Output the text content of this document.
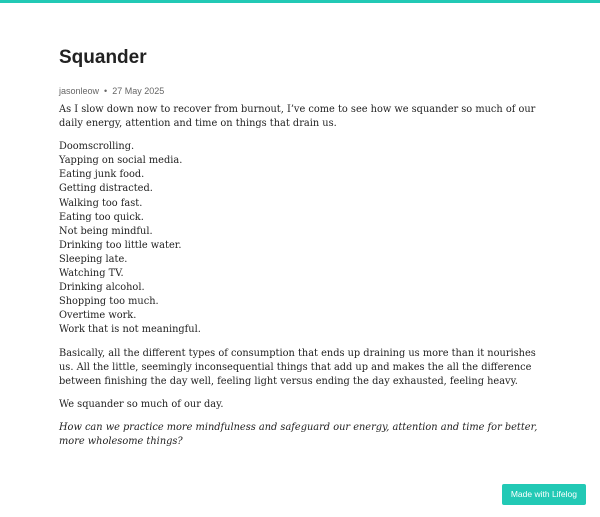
Squander
jasonleow • 27 May 2025

As I slow down now to recover from burnout, I’ve come to see how we squander so much of our daily energy, attention and time on things that drain us.

Doomscrolling.
Yapping on social media.
Eating junk food.
Getting distracted.
Walking too fast.
Eating too quick.
Not being mindful.
Drinking too little water.
Sleeping late.
Watching TV.
Drinking alcohol.
Shopping too much.
Overtime work.
Work that is not meaningful.

Basically, all the different types of consumption that ends up draining us more than it nourishes us. All the little, seemingly inconsequential things that add up and makes the all the difference between finishing the day well, feeling light versus ending the day exhausted, feeling heavy.

We squander so much of our day.

How can we practice more mindfulness and safeguard our energy, attention and time for better, more wholesome things?

Made with Lifelog
